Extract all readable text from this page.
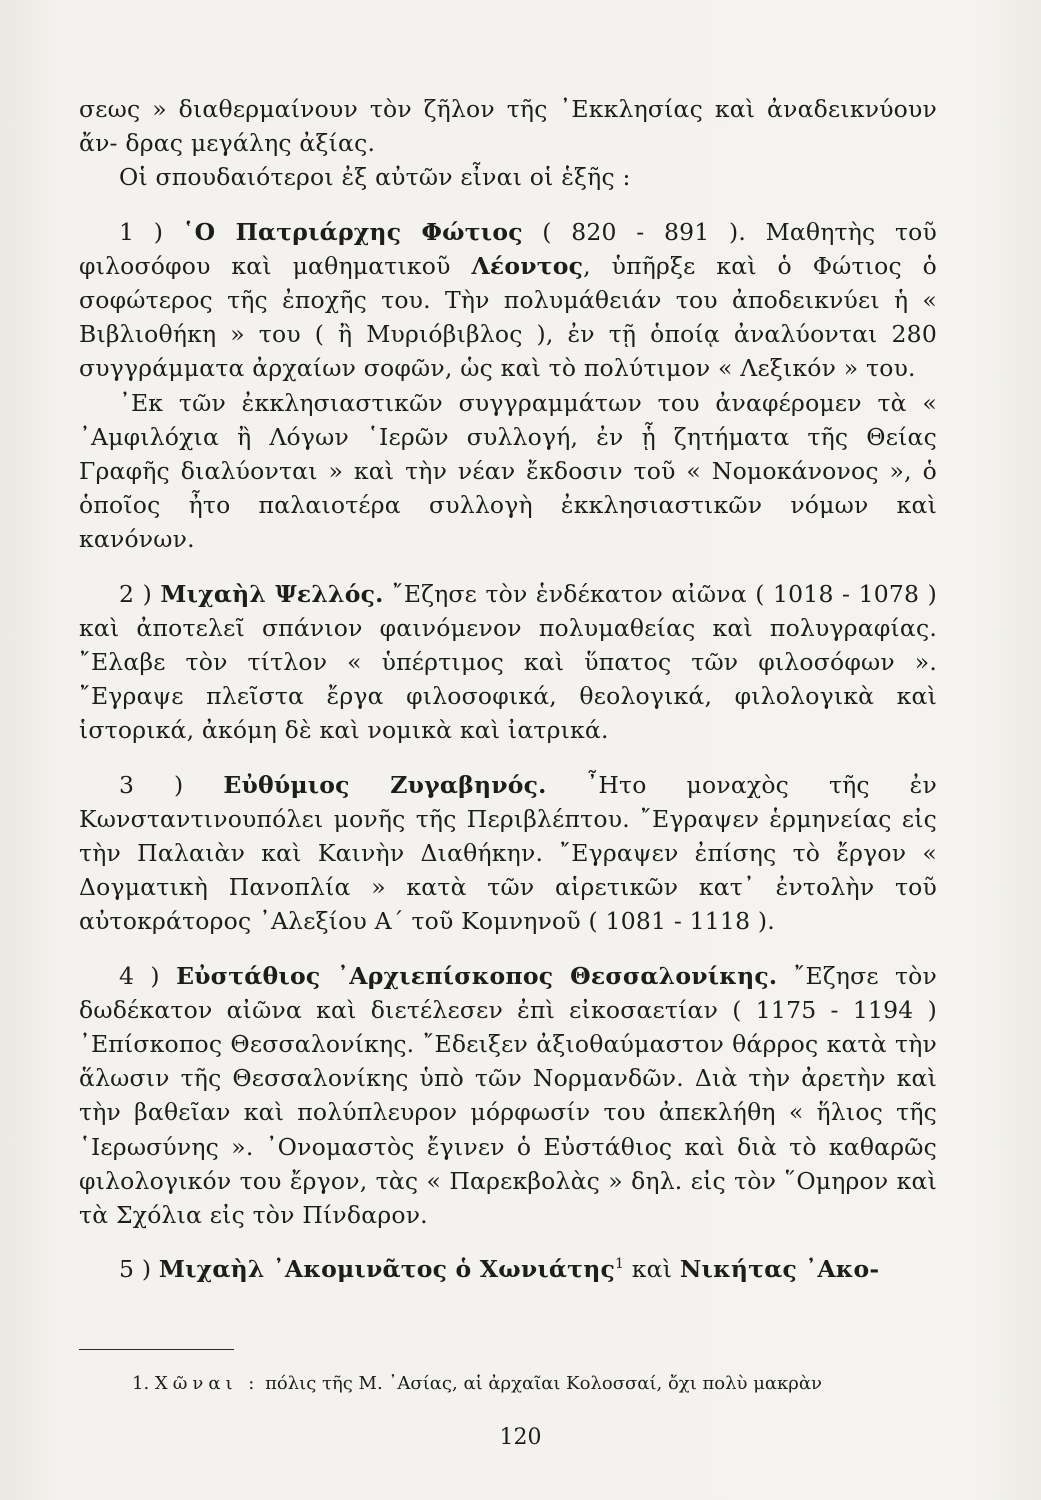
σεως » διαθερμαίνουν τὸν ζῆλον τῆς ᾿Εκκλησίας καὶ ἀναδεικνύουν ἄν- δρας μεγάλης ἀξίας.

Οἱ σπουδαιότεροι ἐξ αὐτῶν εἶναι οἱ ἑξῆς :

1 ) ῾Ο Πατριάρχης Φώτιος ( 820 - 891 ). Μαθητὴς τοῦ φιλοσόφου καὶ μαθηματικοῦ Λέοντος, ὑπῆρξε καὶ ὁ Φώτιος ὁ σοφώτερος τῆς ἐποχῆς του. Τὴν πολυμάθειάν του ἀποδεικνύει ἡ « Βιβλιοθήκη » του ( ἢ Μυριόβιβλος ), ἐν τῇ ὁποίᾳ ἀναλύονται 280 συγγράμματα ἀρχαίων σοφῶν, ὡς καὶ τὸ πολύτιμον « Λεξικόν » του.

᾿Εκ τῶν ἐκκλησιαστικῶν συγγραμμάτων του ἀναφέρομεν τὰ « ᾿Αμφιλόχια ἢ Λόγων ῾Ιερῶν συλλογή, ἐν ᾗ ζητήματα τῆς Θείας Γραφῆς διαλύονται » καὶ τὴν νέαν ἔκδοσιν τοῦ « Νομοκάνονος », ὁ ὁποῖος ἦτο παλαιοτέρα συλλογὴ ἐκκλησιαστικῶν νόμων καὶ κανόνων.

2 ) Μιχαὴλ Ψελλός. ῎Εζησε τὸν ἑνδέκατον αἰῶνα ( 1018 - 1078 ) καὶ ἀποτελεῖ σπάνιον φαινόμενον πολυμαθείας καὶ πολυγραφίας. ῎Ελαβε τὸν τίτλον « ὑπέρτιμος καὶ ὕπατος τῶν φιλοσόφων ». ῎Εγραψε πλεῖστα ἔργα φιλοσοφικά, θεολογικά, φιλολογικὰ καὶ ἱστορικά, ἀκόμη δὲ καὶ νομικὰ καὶ ἰατρικά.

3 ) Εὐθύμιος Ζυγαβηνός. ῏Ητο μοναχὸς τῆς ἐν Κωνσταντινουπόλει μονῆς τῆς Περιβλέπτου. ῎Εγραψεν ἑρμηνείας εἰς τὴν Παλαιὰν καὶ Καινὴν Διαθήκην. ῎Εγραψεν ἐπίσης τὸ ἔργον « Δογματικὴ Πανοπλία » κατὰ τῶν αἱρετικῶν κατ᾿ ἐντολὴν τοῦ αὐτοκράτορος ᾿Αλεξίου Α΄ τοῦ Κομνηνοῦ ( 1081 - 1118 ).

4 ) Εὐστάθιος ᾿Αρχιεπίσκοπος Θεσσαλονίκης. ῎Εζησε τὸν δωδέκατον αἰῶνα καὶ διετέλεσεν ἐπὶ εἰκοσαετίαν ( 1175 - 1194 ) ᾿Επίσκοπος Θεσσαλονίκης. ῎Εδειξεν ἀξιοθαύμαστον θάρρος κατὰ τὴν ἅλωσιν τῆς Θεσσαλονίκης ὑπὸ τῶν Νορμανδῶν. Διὰ τὴν ἀρετὴν καὶ τὴν βαθεῖαν καὶ πολύπλευρον μόρφωσίν του ἀπεκλήθη « ἥλιος τῆς ῾Ιερωσύνης ». ᾿Ονομαστὸς ἔγινεν ὁ Εὐστάθιος καὶ διὰ τὸ καθαρῶς φιλολογικόν του ἔργον, τὰς « Παρεκβολὰς » δηλ. εἰς τὸν ῞Ομηρον καὶ τὰ Σχόλια εἰς τὸν Πίνδαρον.

5 ) Μιχαὴλ ᾿Ακομινᾶτος ὁ Χωνιάτης$^1$ καὶ Νικήτας ᾿Ακο-

1. Χῶναι : πόλις τῆς Μ. ᾿Ασίας, αἱ ἀρχαῖαι Κολοσσαί, ὄχι πολὺ μακρὰν
120
